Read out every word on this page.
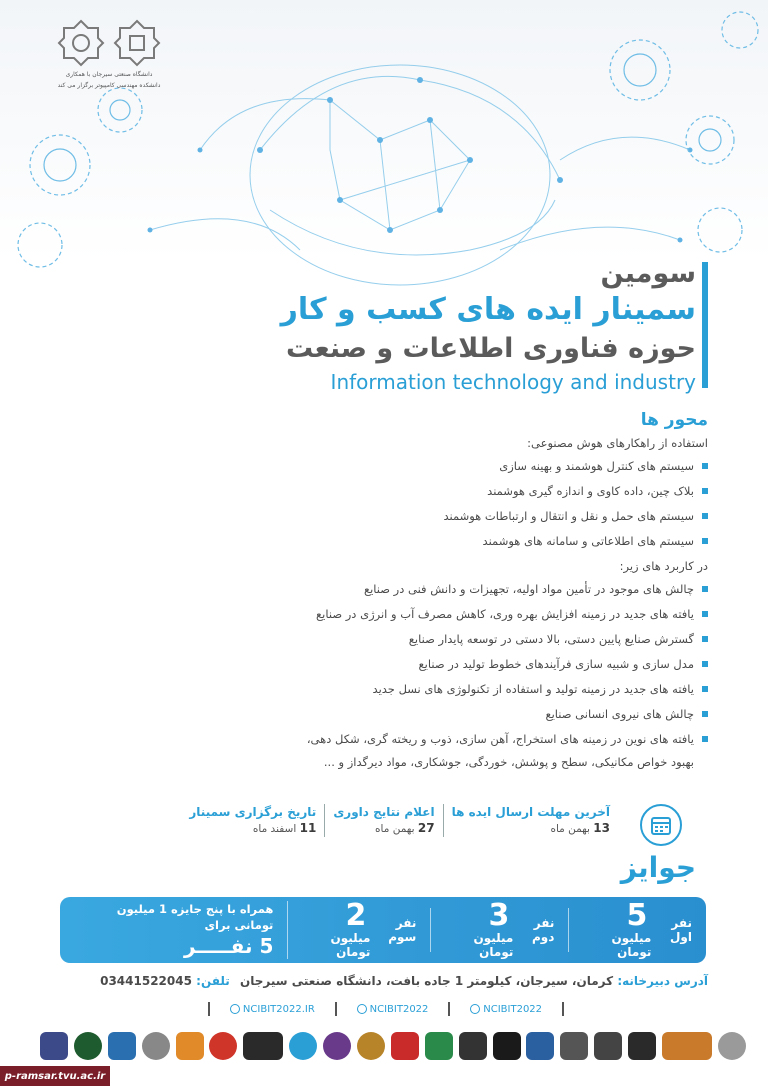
دانشگاه صنعتی سیرجان با همکاری
دانشکده مهندسی کامپیوتر برگزار می کند
سومین
سمینار ایده های کسب و کار
حوزه فناوری اطلاعات و صنعت
Information technology and industry
محور ها
استفاده از راهکارهای هوش مصنوعی:
سیستم های کنترل هوشمند و بهینه سازی
بلاک چین، داده کاوی و اندازه گیری هوشمند
سیستم های حمل و نقل و انتقال و ارتباطات هوشمند
سیستم های اطلاعاتی و سامانه های هوشمند
در کاربرد های زیر:
چالش های موجود در تأمین مواد اولیه، تجهیزات و دانش فنی در صنایع
یافته های جدید در زمینه افزایش بهره وری، کاهش مصرف آب و انرژی در صنایع
گسترش صنایع پایین دستی، بالا دستی در توسعه پایدار صنایع
مدل سازی و شبیه سازی فرآیندهای خطوط تولید در صنایع
یافته های جدید در زمینه تولید و استفاده از تکنولوژی های نسل جدید
چالش های نیروی انسانی صنایع
یافته های نوین در زمینه های استخراج، آهن سازی، ذوب و ریخته گری، شکل دهی،
بهبود خواص مکانیکی، سطح و پوشش، خوردگی، جوشکاری، مواد دیرگداز و ...
آخرین مهلت ارسال ایده ها
13 بهمن ماه
اعلام نتایج داوری
27 بهمن ماه
تاریخ برگزاری سمینار
11 اسفند ماه
جوایز
نفر اول
5
میلیون تومان
نفر دوم
3
میلیون تومان
نفر سوم
2
میلیون تومان
همراه با پنج جایزه 1 میلیون تومانی برای
5 نفـــــر
آدرس دبیرخانه: کرمان، سیرجان، کیلومتر 1 جاده بافت، دانشگاه صنعتی سیرجان تلفن: 03441522045
NCIBIT2022.IR	NCIBIT2022	NCIBIT2022
p-ramsar.tvu.ac.ir
